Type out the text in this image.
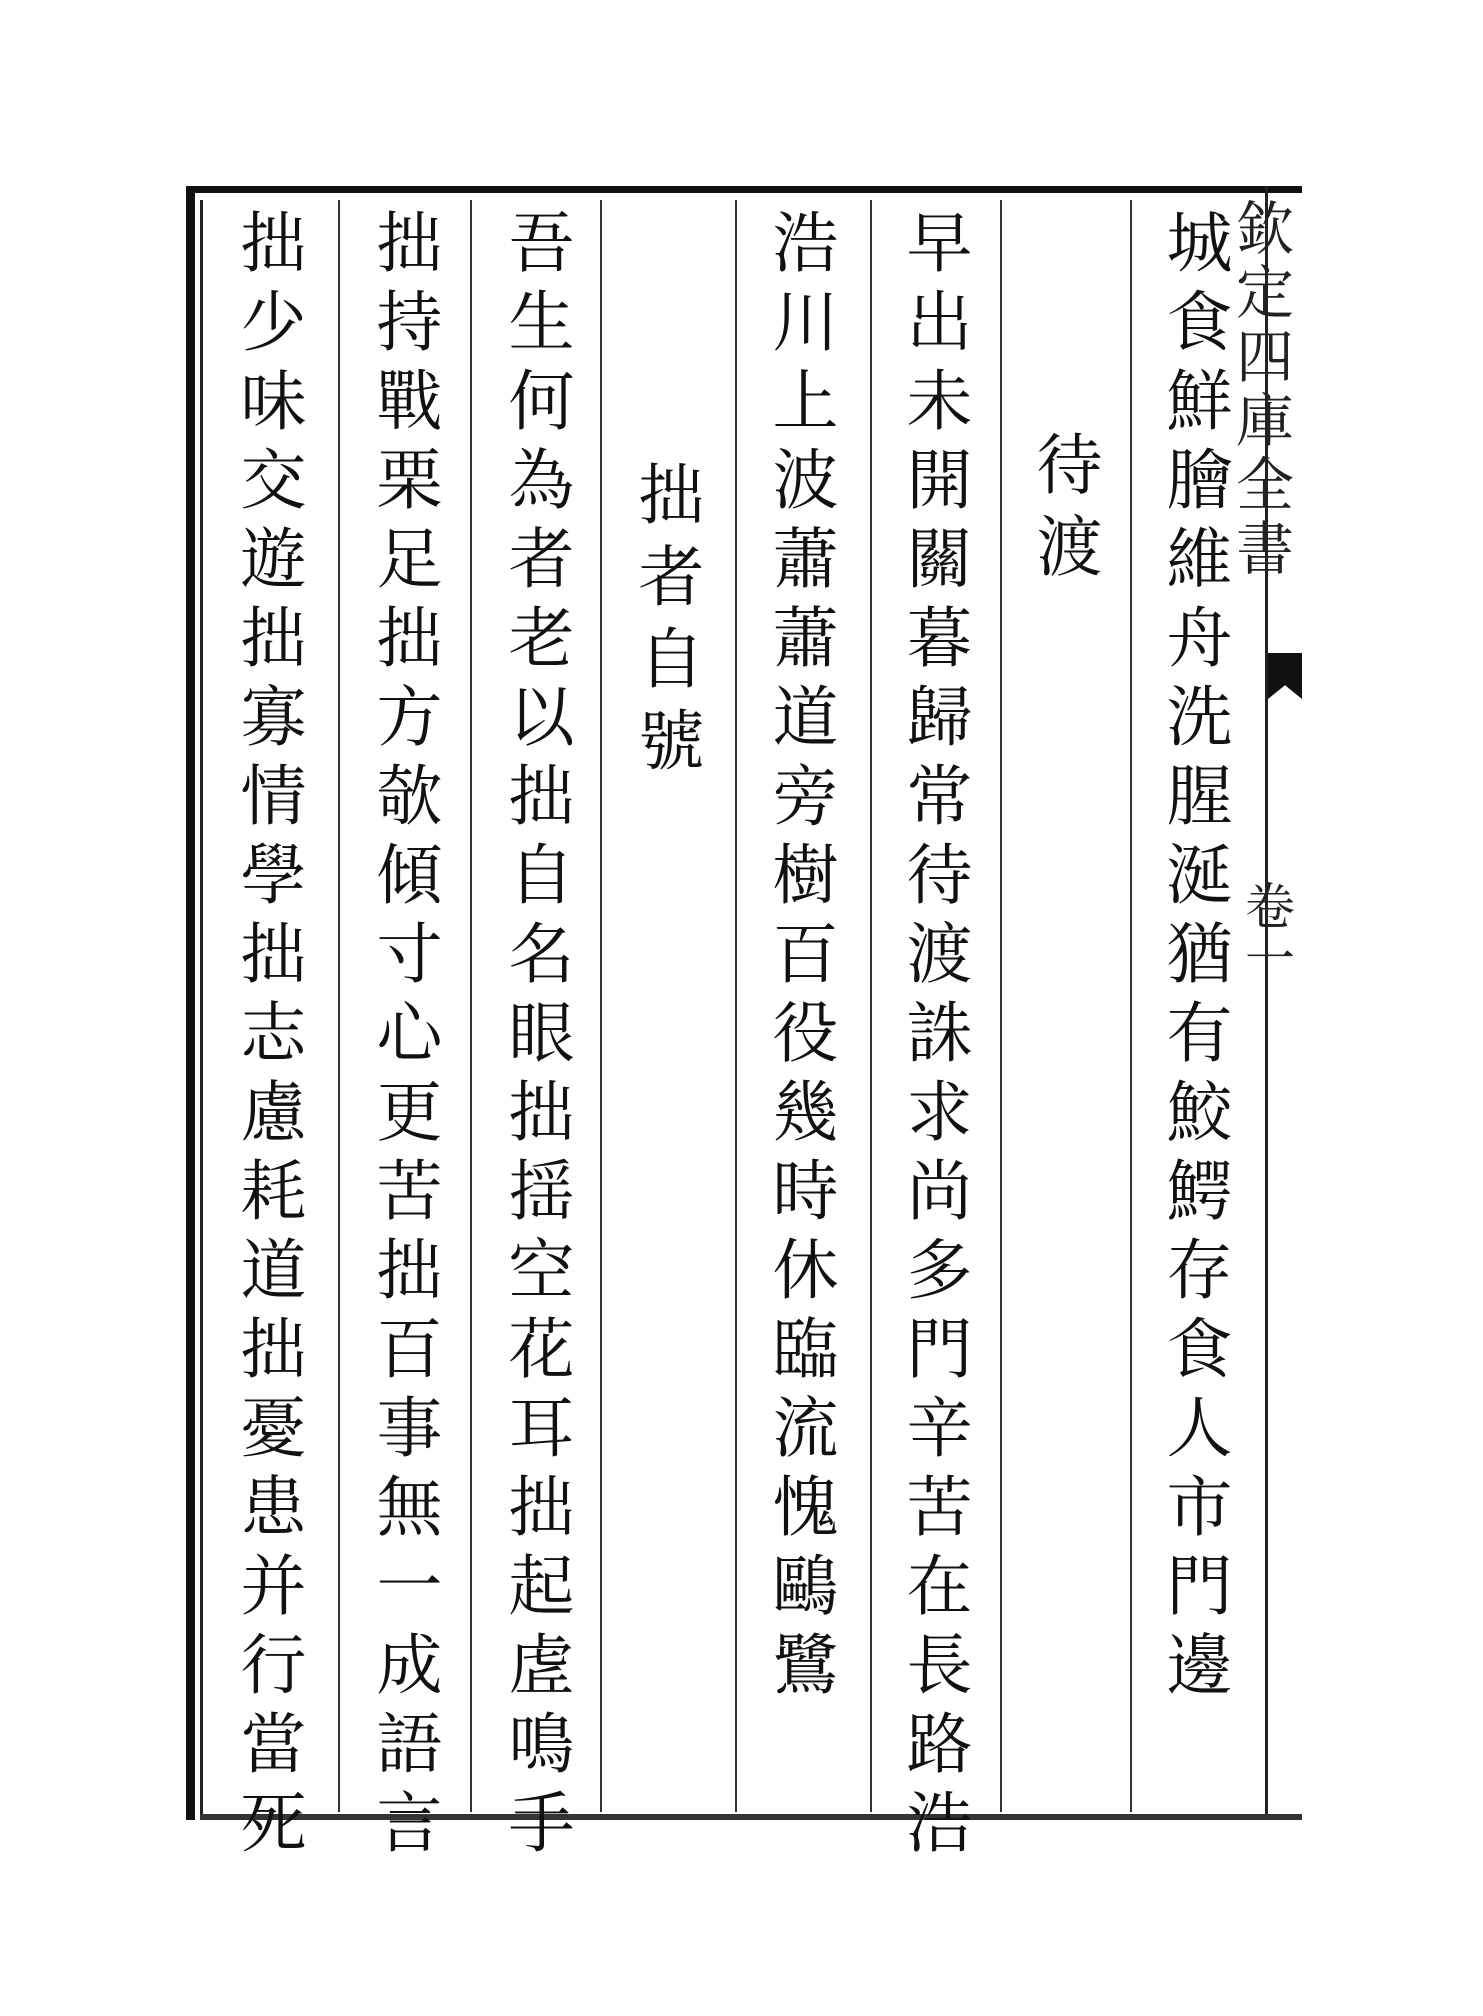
城食鮮膾維舟洗腥涎猶有鮫鰐存食人市門邊
待渡
早出未開關暮歸常待渡誅求尚多門辛苦在長路浩
浩川上波蕭蕭道旁樹百役幾時休臨流愧鷗鷺
拙者自號
吾生何為者老以拙自名眼拙揺空花耳拙起虗鳴手
拙持戰栗足拙方欹傾寸心更苦拙百事無一成語言
拙少味交遊拙寡情學拙志慮耗道拙憂患并行當死	欽定四庫全書
卷一
